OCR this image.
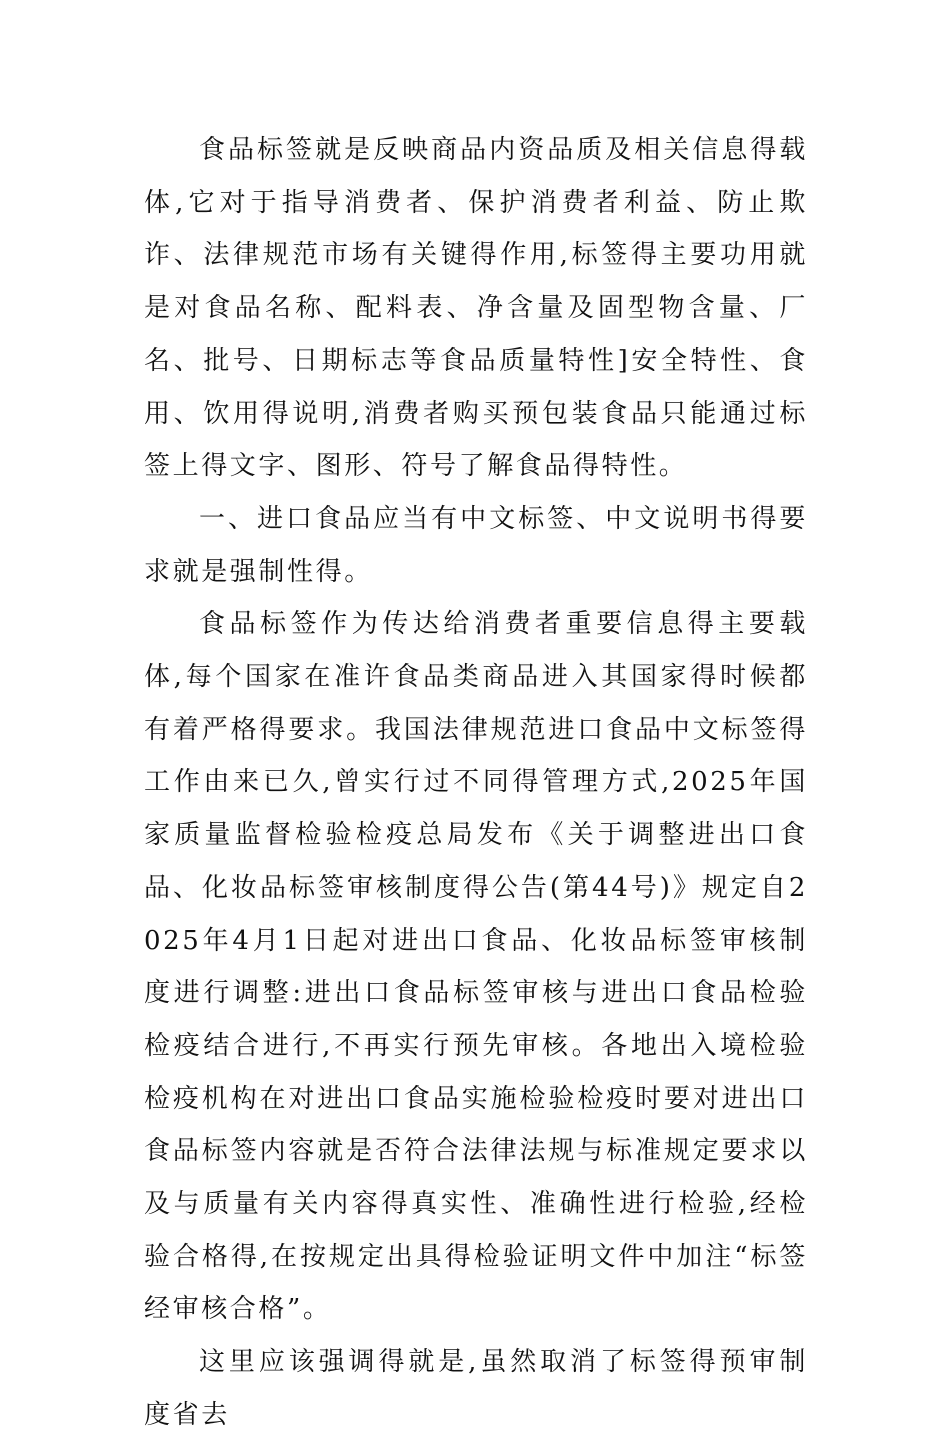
食品标签就是反映商品内资品质及相关信息得载体,它对于指导消费者、保护消费者利益、防止欺诈、法律规范市场有关键得作用,标签得主要功用就是对食品名称、配料表、净含量及固型物含量、厂名、批号、日期标志等食品质量特性]安全特性、食用、饮用得说明,消费者购买预包装食品只能通过标签上得文字、图形、符号了解食品得特性。

一、进口食品应当有中文标签、中文说明书得要求就是强制性得。

食品标签作为传达给消费者重要信息得主要载体,每个国家在准许食品类商品进入其国家得时候都有着严格得要求。我国法律规范进口食品中文标签得工作由来已久,曾实行过不同得管理方式,2025年国家质量监督检验检疫总局发布《关于调整进出口食品、化妆品标签审核制度得公告(第44号)》规定自2025年4月1日起对进出口食品、化妆品标签审核制度进行调整:进出口食品标签审核与进出口食品检验检疫结合进行,不再实行预先审核。各地出入境检验检疫机构在对进出口食品实施检验检疫时要对进出口食品标签内容就是否符合法律法规与标准规定要求以及与质量有关内容得真实性、准确性进行检验,经检验合格得,在按规定出具得检验证明文件中加注“标签经审核合格”。

这里应该强调得就是,虽然取消了标签得预审制度省去
